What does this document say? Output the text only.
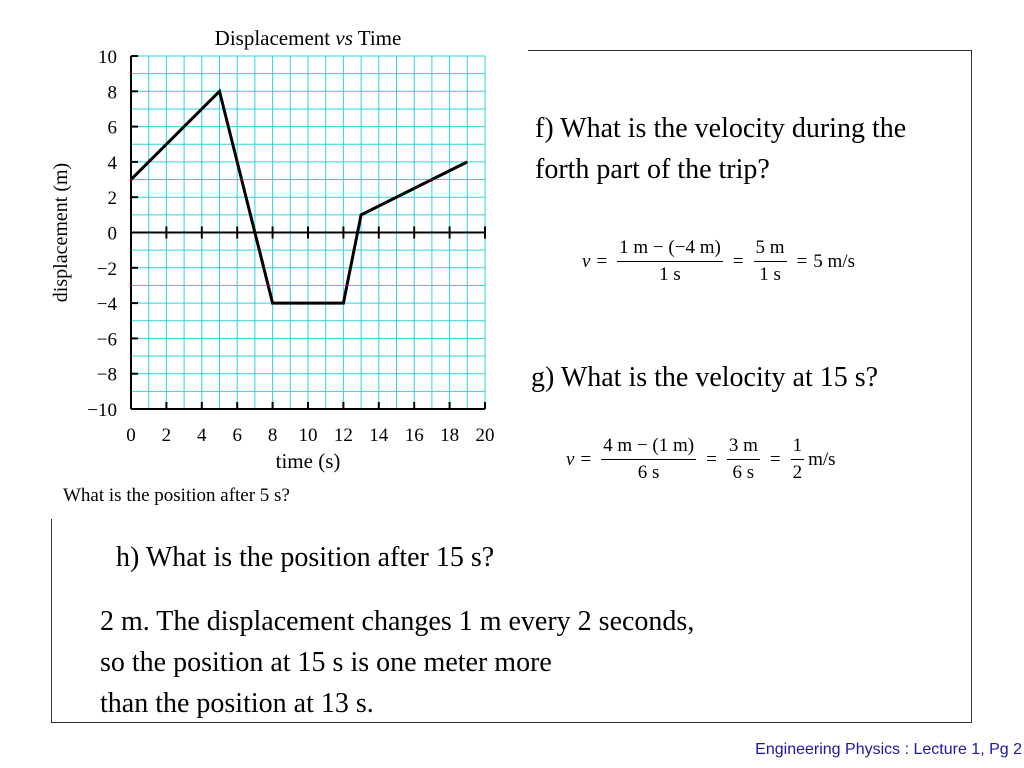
10
8
6
4
2
0
−2
−4
−6
−8
−10
0 2 4 6 8 10 12 14 16 18 20
Displacement vs Time
time (s)
displacement (m)
What is the position after 5 s?
f) What is the velocity during the forth part of the trip?
$v = \frac{1 m - (-4 m)}{1 s} = \frac{5 m}{1 s} = 5$ m/s
g) What is the velocity at 15 s?
$v = \frac{4 m - (1 m)}{6 s} = \frac{3 m}{6 s} = \frac{1}{2} m/s$
h) What is the position after 15 s?
2 m. The displacement changes 1 m every 2 seconds,
so the position at 15 s is one meter more
than the position at 13 s.
Engineering Physics : Lecture 1, Pg 2
